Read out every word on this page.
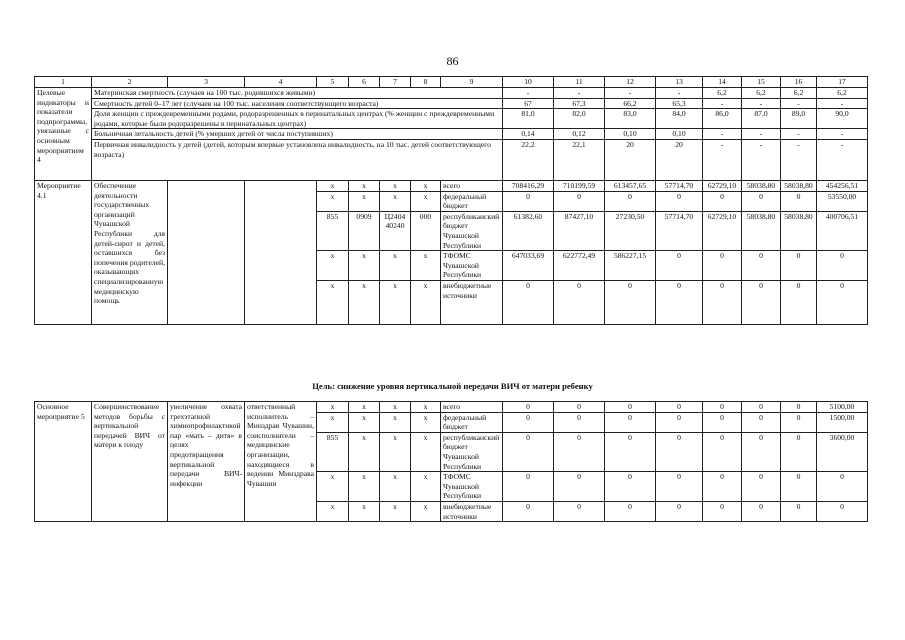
86
1	2	3	4	5	6	7	8	9	10	11	12	13	14	15	16	17
Целевые индикаторы и показатели подпрограммы, увязанные с основным мероприятием 4	Материнская смертность (случаев на 100 тыс. родившихся живыми)								-	-	-	-	6,2	6,2	6,2	6,2
	Смертность детей 0–17 лет (случаев на 100 тыс. населения соответствующего возраста)								67	67,3	66,2	65,3	-	-	-	-
	Доля женщин с преждевременными родами, родоразрешенных в перинатальных центрах (% женщин с преждевременными родами, которые были родоразрешены в перинатальных центрах)								81,0	82,0	83,0	84,0	86,0	87,0	89,0	90,0
	Больничная летальность детей (% умерших детей от числа поступивших)								0,14	0,12	0,10	0,10	-	-	-	-
	Первичная инвалидность у детей (детей, которым впервые установлена инвалидность, на 10 тыс. детей соответствующего возраста)								22,2	22,1	20	20	-	-	-	-
Мероприятие 4.1	Обеспечение деятельности государственных организаций Чувашской Республики для детей-сирот и детей, оставшихся без попечения родителей, оказывающих специализированную медицинскую помощь			x	x	x	x	всего	708416,29	710199,59	613457,65	57714,70	62729,10	58038,80	58038,80	454256,51
				x	x	x	x	федеральный бюджет	0	0	0	0	0	0	0	53550,00
				855	0909	Ц2404 40240	000	республиканский бюджет Чувашской Республики	61382,60	87427,10	27230,50	57714,70	62729,10	58038,80	58038,80	400706,51
				x	x	x	x	ТФОМС Чувашской Республики	647033,69	622772,49	586227,15	0	0	0	0	0
				x	x	x	x	внебюджетные источники	0	0	0	0	0	0	0	0
Цель: снижение уровня вертикальной передачи ВИЧ от матери ребенку
Основное мероприятие 5	Совершенствование методов борьбы с вертикальной передачей ВИЧ от матери к плоду	увеличение охвата трехэтапной химиопрофилактикой пар «мать – дитя» в целях предотвращения вертикальной передачи ВИЧ-инфекции	ответственный исполнитель – Минздрав Чувашии, соисполнители – медицинские организации, находящиеся в ведении Минздрава Чувашии	x	x	x	x	всего	0	0	0	0	0	0	0	5100,00
				x	x	x	x	федеральный бюджет	0	0	0	0	0	0	0	1500,00
				855	x	x	x	республиканский бюджет Чувашской Республики	0	0	0	0	0	0	0	3600,00
				x	x	x	x	ТФОМС Чувашской Республики	0	0	0	0	0	0	0	0
				x	x	x	x	внебюджетные источники	0	0	0	0	0	0	0	0
